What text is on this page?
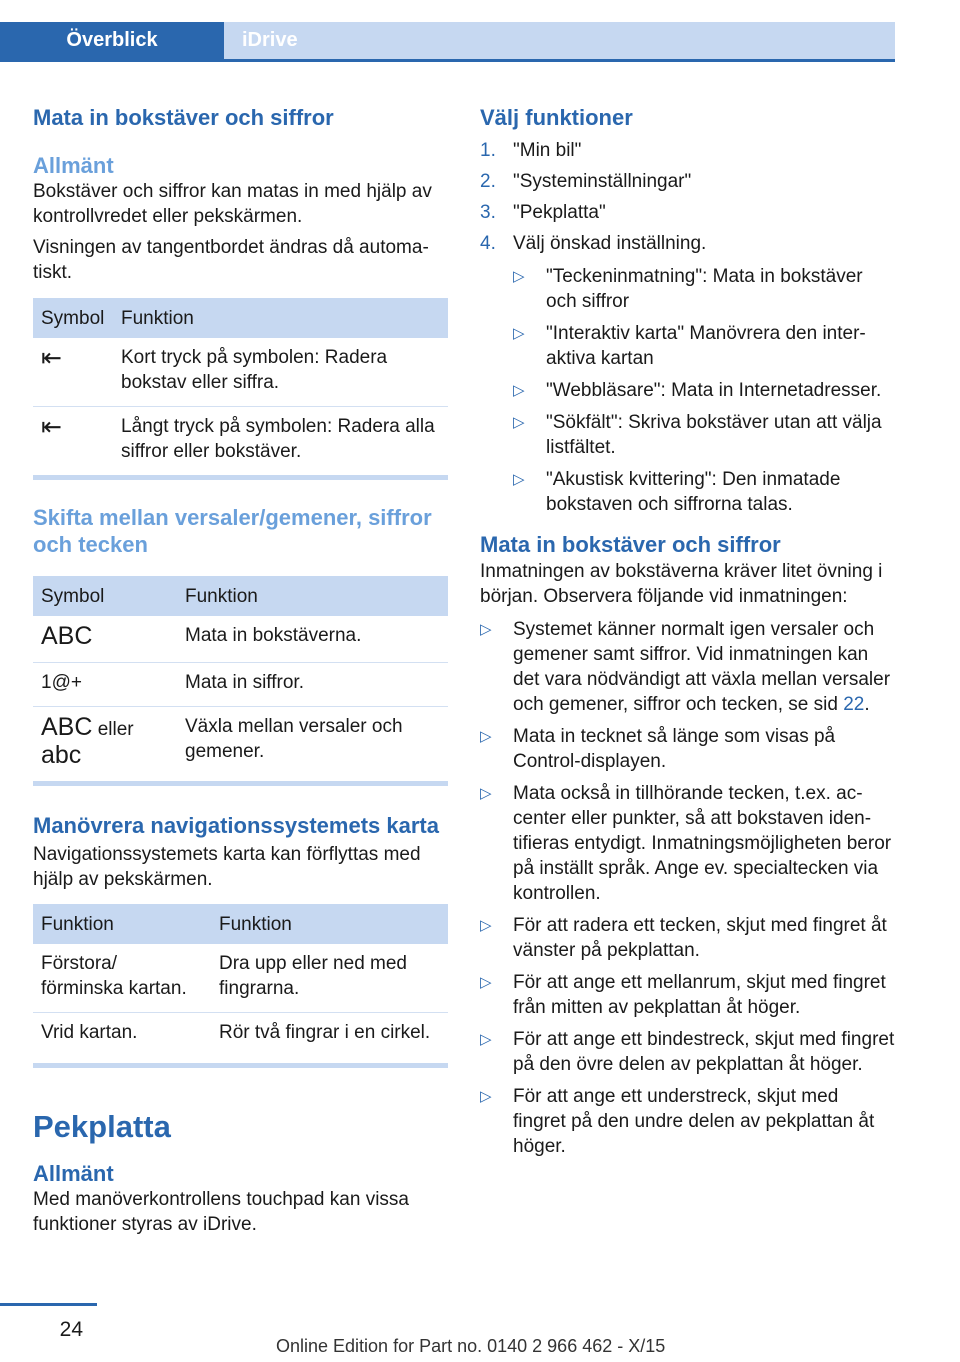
Överblick	iDrive
Mata in bokstäver och siffror
Allmänt

Bokstäver och siffror kan matas in med hjälp av kontrollvredet eller pekskärmen.

Visningen av tangentbordet ändras då automatiskt.

Symbol	Funktion
⇤	Kort tryck på symbolen: Radera bokstav eller siffra.
⇤	Långt tryck på symbolen: Radera alla siffror eller bokstäver.
Skifta mellan versaler/gemener, siffror och tecken
Symbol	Funktion
ABC	Mata in bokstäverna.
1@+	Mata in siffror.
ABC eller
abc	Växla mellan versaler och gemener.
Manövrera navigationssystemets karta

Navigationssystemets karta kan förflyttas med hjälp av pekskärmen.

Funktion	Funktion
Förstora/ förminska kartan.	Dra upp eller ned med fingrarna.
Vrid kartan.	Rör två fingrar i en cirkel.
Pekplatta
Allmänt

Med manöverkontrollens touchpad kan vissa funktioner styras av iDrive.

Välj funktioner
1. "Min bil"
2. "Systeminställningar"
3. "Pekplatta"
4. Välj önskad inställning.
▷	"Teckeninmatning": Mata in bokstäver och siffror
▷	"Interaktiv karta" Manövrera den interaktiva kartan
▷	"Webbläsare": Mata in Internetadresser.
▷	"Sökfält": Skriva bokstäver utan att välja listfältet.
▷	"Akustisk kvittering": Den inmatade bokstaven och siffrorna talas.
Mata in bokstäver och siffror

Inmatningen av bokstäverna kräver litet övning i början. Observera följande vid inmatningen:

▷	Systemet känner normalt igen versaler och gemener samt siffror. Vid inmatningen kan det vara nödvändigt att växla mellan versaler och gemener, siffror och tecken, se sid 22.
▷	Mata in tecknet så länge som visas på Control-displayen.
▷	Mata också in tillhörande tecken, t.ex. accenter eller punkter, så att bokstaven identifieras entydigt. Inmatningsmöjligheten beror på inställt språk. Ange ev. specialtecken via kontrollen.
▷	För att radera ett tecken, skjut med fingret åt vänster på pekplattan.
▷	För att ange ett mellanrum, skjut med fingret från mitten av pekplattan åt höger.
▷	För att ange ett bindestreck, skjut med fingret på den övre delen av pekplattan åt höger.
▷	För att ange ett understreck, skjut med fingret på den undre delen av pekplattan åt höger.
24
Online Edition for Part no. 0140 2 966 462 - X/15
